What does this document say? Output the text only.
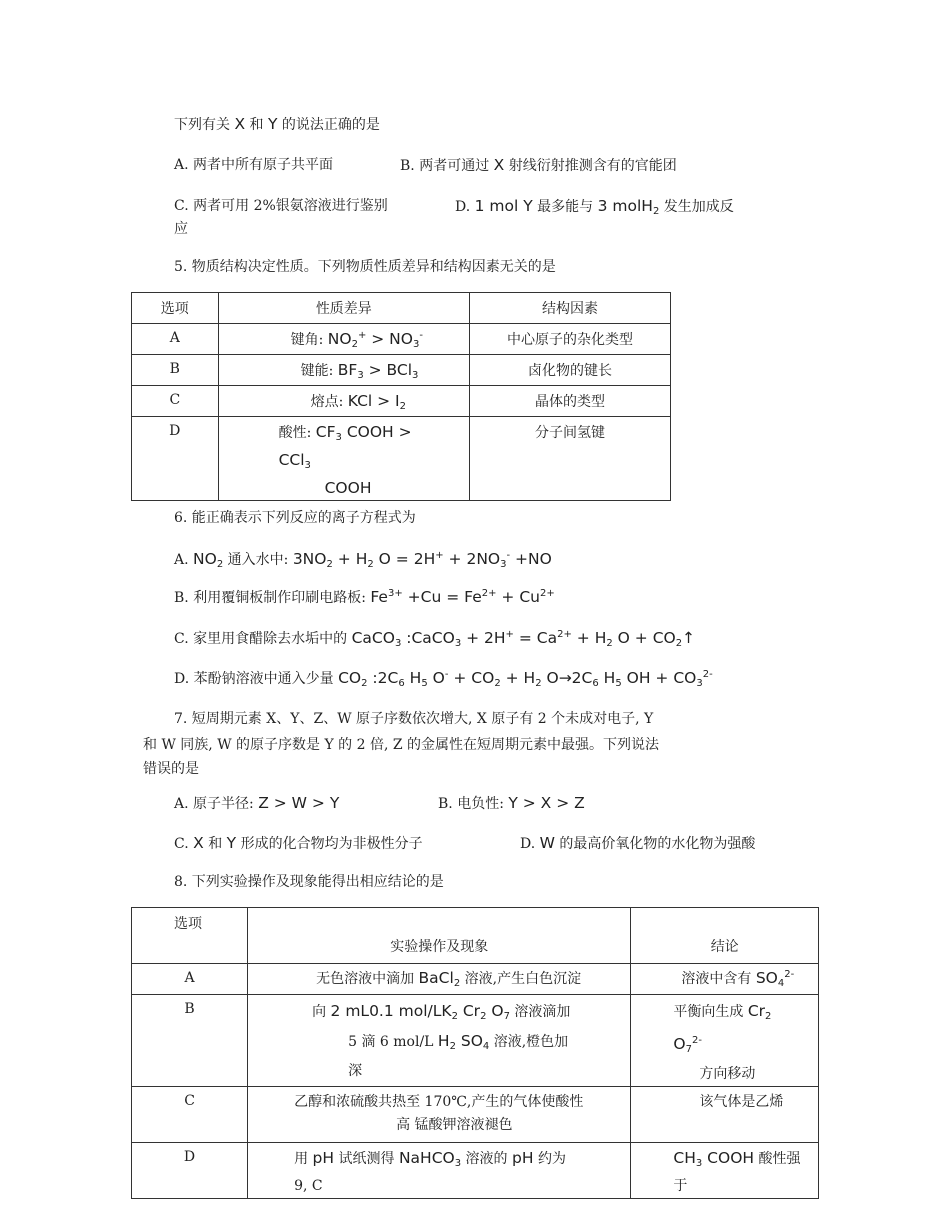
下列有关 X 和 Y 的说法正确的是
A. 两者中所有原子共平面	B. 两者可通过 X 射线衍射推测含有的官能团
C. 两者可用 2%银氨溶液进行鉴别	D. 1 mol Y 最多能与 3 molH$_2$ 发生加成反
应
5. 物质结构决定性质。下列物质性质差异和结构因素无关的是
选项	性质差异	结构因素
A	键角: $NO_2^+ > NO_3^-$	中心原子的杂化类型
B	键能: $BF_3 > BCl_3$	卤化物的键长
C	熔点: KCl > $I_2$	晶体的类型
D	酸性: $CF_3$ COOH >
CCl$_3$
COOH	分子间氢键
6. 能正确表示下列反应的离子方程式为
A. $NO_2$ 通入水中: $3NO_2 + H_2$ $O = 2H^+ + 2NO_3^- +NO$
B. 利用覆铜板制作印刷电路板: $Fe^{3+} +Cu = Fe^{2+} + Cu^{2+}$
C. 家里用食醋除去水垢中的 CaCO$_3$ :CaCO$_3$ + $2H^+ = Ca^{2+} + H_2$ $O + CO_2↑$
D. 苯酚钠溶液中通入少量 $CO_2$ $:2C_6$ $H_5$ $O^- + CO_2 + H_2$ $O\to 2C_6$ $H_5$ OH + $CO_3^{2-}$
7. 短周期元素 X、Y、Z、W 原子序数依次增大, X 原子有 2 个未成对电子, Y
和 W 同族, W 的原子序数是 Y 的 2 倍, Z 的金属性在短周期元素中最强。下列说法
错误的是
A. 原子半径: Z > W > Y	B. 电负性: Y > X > Z
C. X 和 Y 形成的化合物均为非极性分子	D. W 的最高价氧化物的水化物为强酸
8. 下列实验操作及现象能得出相应结论的是
选项	实验操作及现象	结论
A	无色溶液中滴加 BaCl$_2$ 溶液,产生白色沉淀	溶液中含有 $SO_4^{2-}$
B	向 2 mL0.1 mol/$LK_2$ $Cr_2$ $O_7$ 溶液滴加
5 滴 6 mol/L $H_2$ $SO_4$ 溶液,橙色加
深	平衡向生成 $Cr_2$
$O_7^{2-}$
方向移动
C	乙醇和浓硫酸共热至 170℃,产生的气体使酸性
高 锰酸钾溶液褪色	该气体是乙烯
D	用 pH 试纸测得 NaHCO$_3$ 溶液的 pH 约为
9, C	$CH_3$ COOH 酸性强
于
